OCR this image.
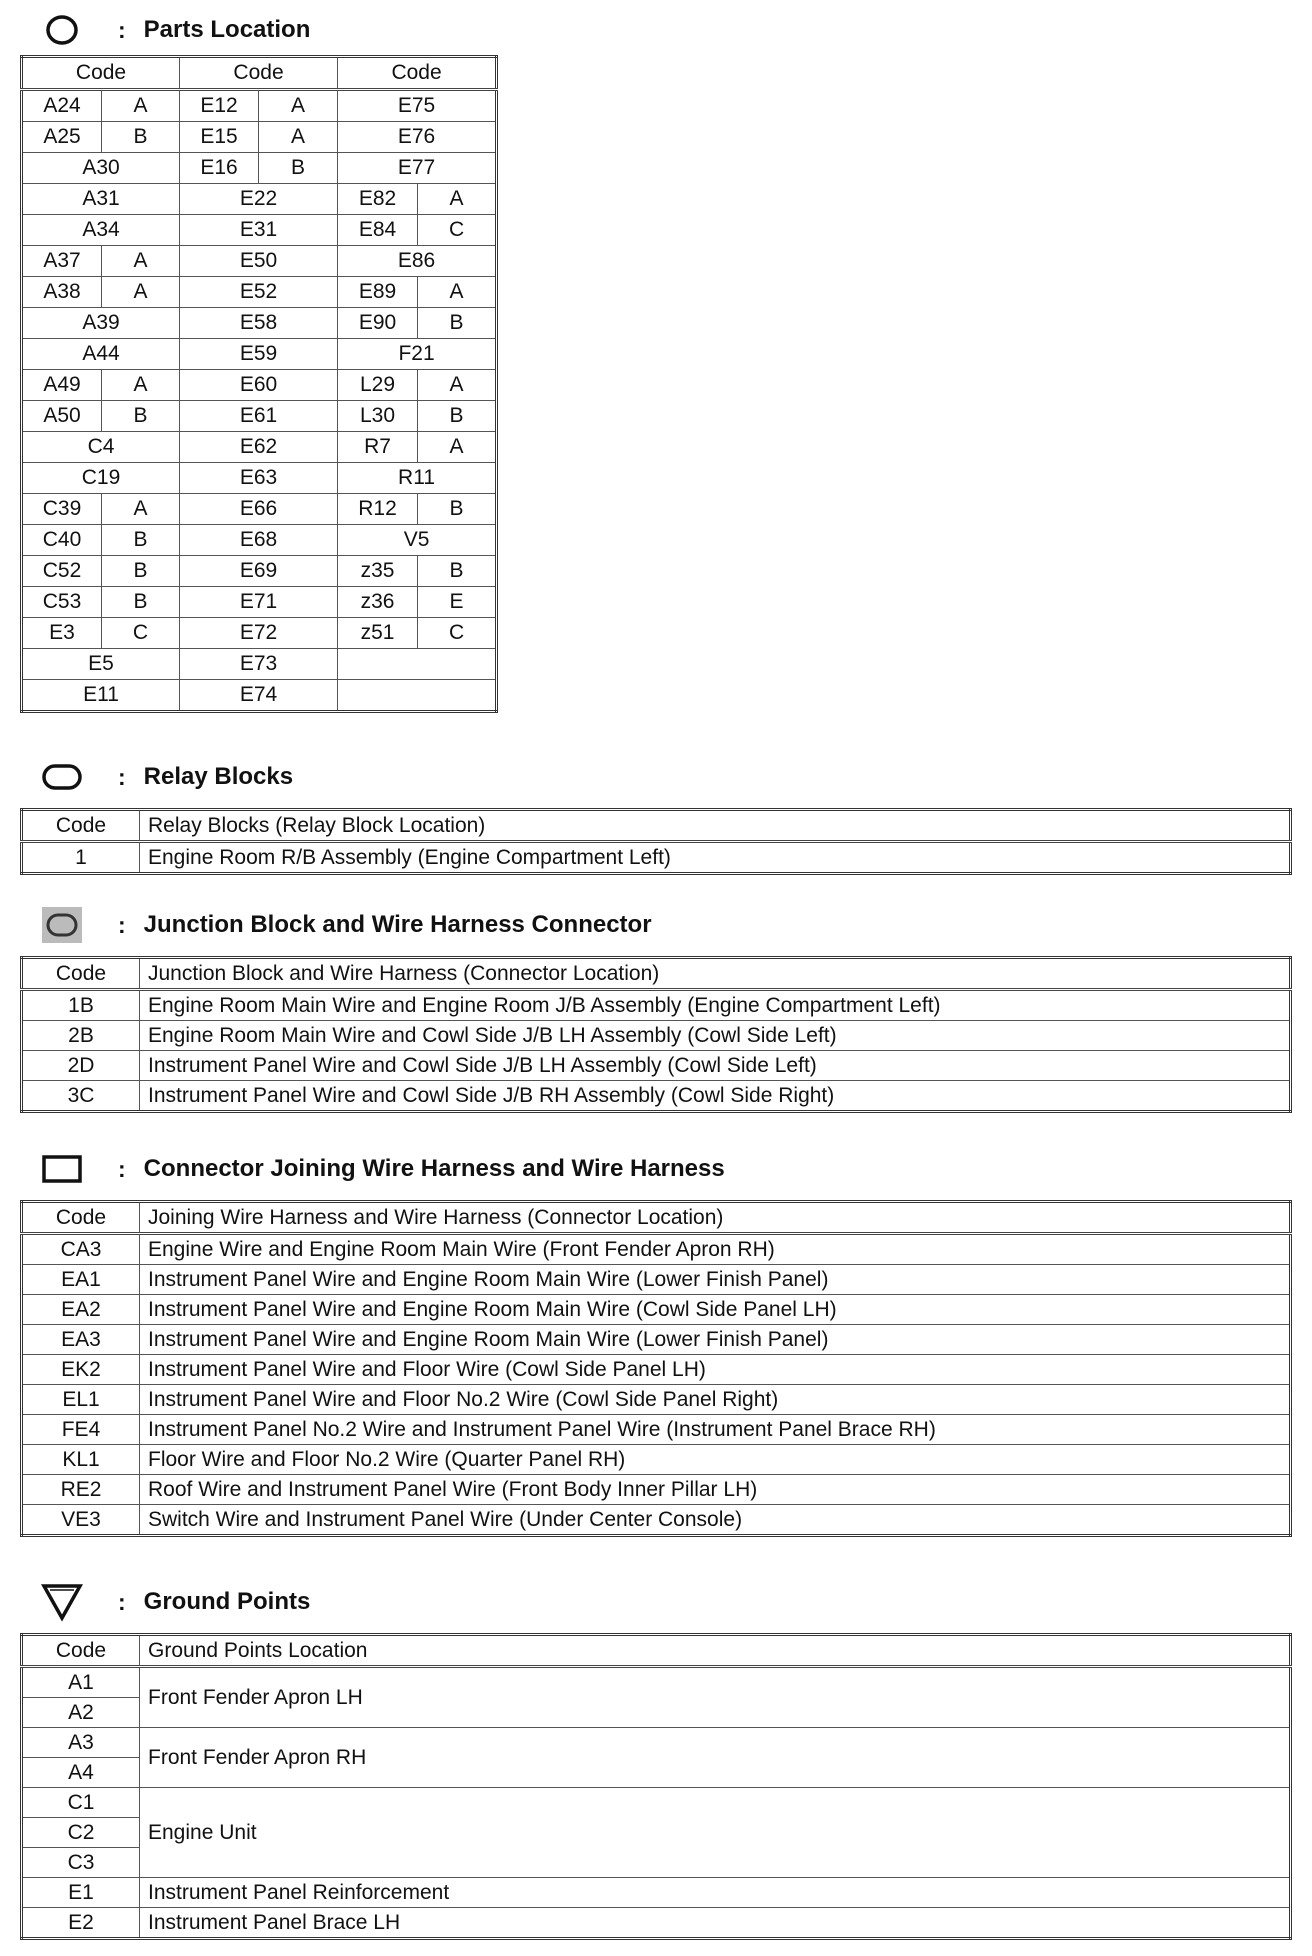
: Parts Location
Code		Code		Code	
A24	A	E12	A	E75	
A25	B	E15	A	E76	
A30		E16	B	E77	
A31		E22		E82	A
A34		E31		E84	C
A37	A	E50		E86	
A38	A	E52		E89	A
A39		E58		E90	B
A44		E59		F21	
A49	A	E60		L29	A
A50	B	E61		L30	B
C4		E62		R7	A
C19		E63		R11	
C39	A	E66		R12	B
C40	B	E68		V5	
C52	B	E69		z35	B
C53	B	E71		z36	E
E3	C	E72		z51	C
E5		E73			
E11		E74			
: Relay Blocks
Code	Relay Blocks (Relay Block Location)
1	Engine Room R/B Assembly (Engine Compartment Left)
: Junction Block and Wire Harness Connector
Code	Junction Block and Wire Harness (Connector Location)
1B	Engine Room Main Wire and Engine Room J/B Assembly (Engine Compartment Left)
2B	Engine Room Main Wire and Cowl Side J/B LH Assembly (Cowl Side Left)
2D	Instrument Panel Wire and Cowl Side J/B LH Assembly (Cowl Side Left)
3C	Instrument Panel Wire and Cowl Side J/B RH Assembly (Cowl Side Right)
: Connector Joining Wire Harness and Wire Harness
Code	Joining Wire Harness and Wire Harness (Connector Location)
CA3	Engine Wire and Engine Room Main Wire (Front Fender Apron RH)
EA1	Instrument Panel Wire and Engine Room Main Wire (Lower Finish Panel)
EA2	Instrument Panel Wire and Engine Room Main Wire (Cowl Side Panel LH)
EA3	Instrument Panel Wire and Engine Room Main Wire (Lower Finish Panel)
EK2	Instrument Panel Wire and Floor Wire (Cowl Side Panel LH)
EL1	Instrument Panel Wire and Floor No.2 Wire (Cowl Side Panel Right)
FE4	Instrument Panel No.2 Wire and Instrument Panel Wire (Instrument Panel Brace RH)
KL1	Floor Wire and Floor No.2 Wire (Quarter Panel RH)
RE2	Roof Wire and Instrument Panel Wire (Front Body Inner Pillar LH)
VE3	Switch Wire and Instrument Panel Wire (Under Center Console)
: Ground Points
Code	Ground Points Location
A1	Front Fender Apron LH
A2	
A3	Front Fender Apron RH
A4	
C1	Engine Unit
C2	
C3	
E1	Instrument Panel Reinforcement
E2	Instrument Panel Brace LH
